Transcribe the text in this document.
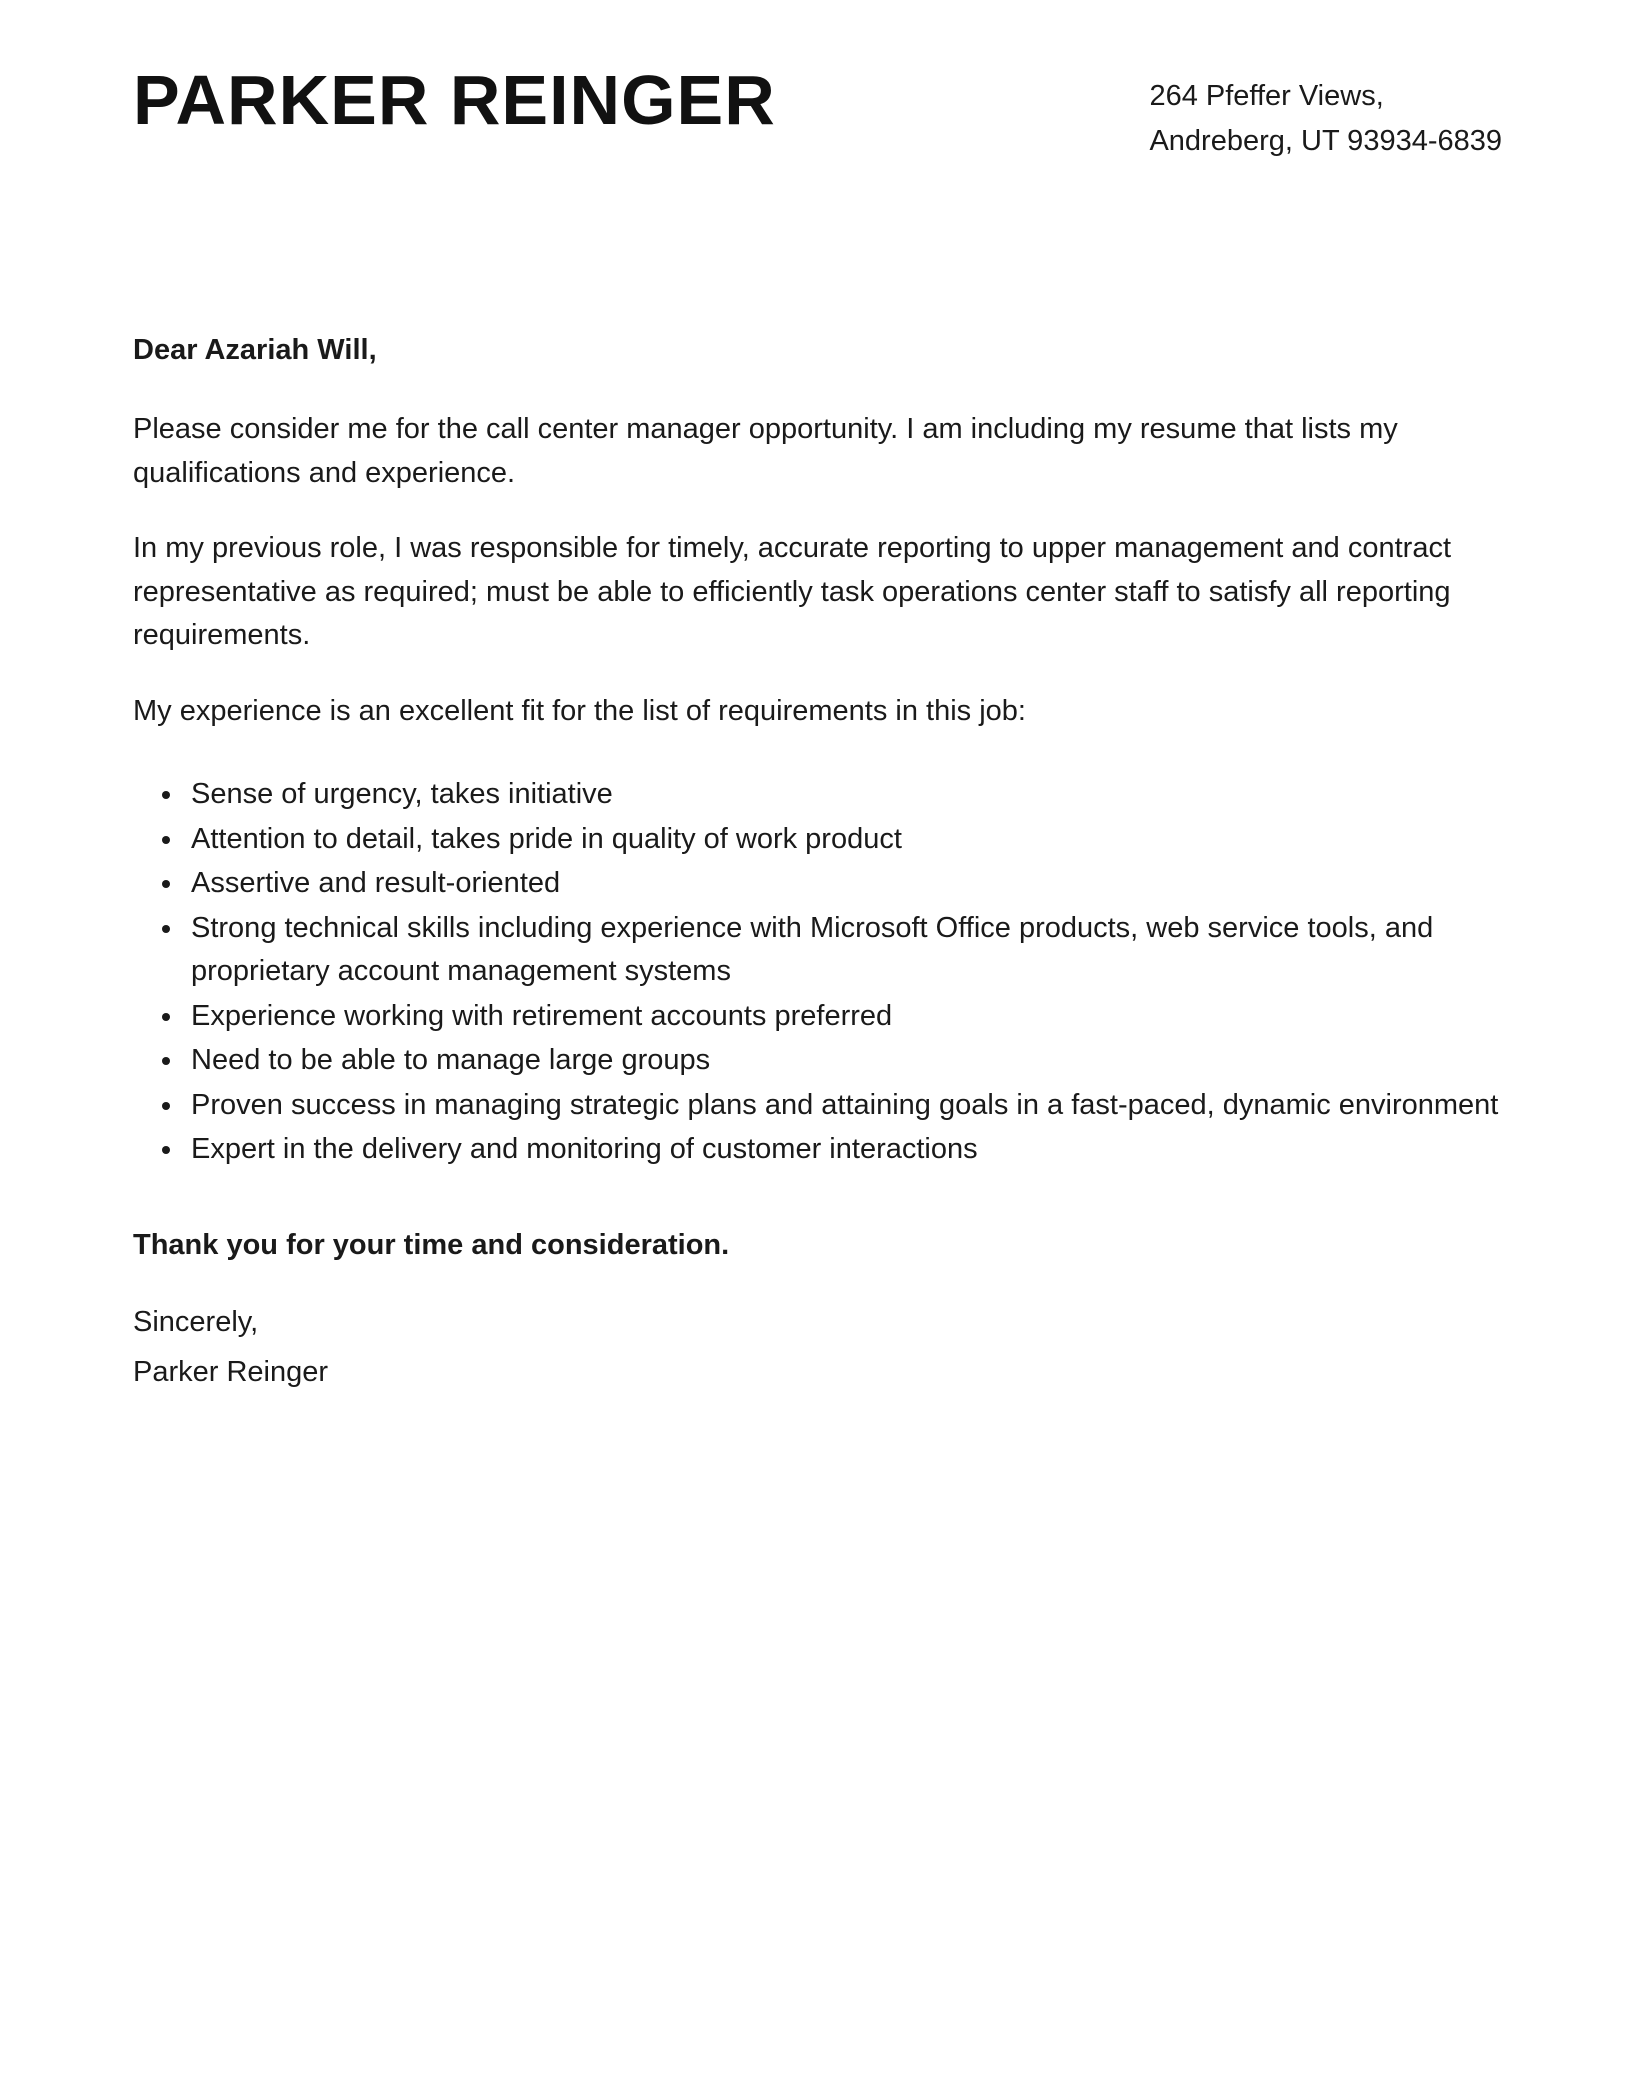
PARKER REINGER	264 Pfeffer Views,
Andreberg, UT 93934-6839
Dear Azariah Will,

Please consider me for the call center manager opportunity. I am including my resume that lists my qualifications and experience.

In my previous role, I was responsible for timely, accurate reporting to upper management and contract representative as required; must be able to efficiently task operations center staff to satisfy all reporting requirements.

My experience is an excellent fit for the list of requirements in this job:

• Sense of urgency, takes initiative
• Attention to detail, takes pride in quality of work product
• Assertive and result-oriented
• Strong technical skills including experience with Microsoft Office products, web service tools, and proprietary account management systems
• Experience working with retirement accounts preferred
• Need to be able to manage large groups
• Proven success in managing strategic plans and attaining goals in a fast-paced, dynamic environment
• Expert in the delivery and monitoring of customer interactions
Thank you for your time and consideration.
Sincerely,
Parker Reinger
